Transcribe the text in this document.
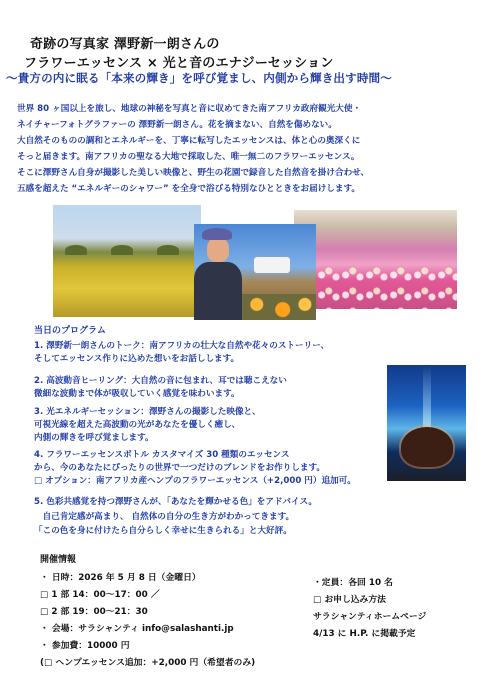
奇跡の写真家 澤野新一朗さんの
フラワーエッセンス × 光と音のエナジーセッション
〜貴方の内に眠る「本来の輝き」を呼び覚まし、内側から輝き出す時間〜
世界 80 ヶ国以上を旅し、地球の神秘を写真と音に収めてきた南アフリカ政府観光大使・
ネイチャーフォトグラファーの 澤野新一朗さん。花を摘まない、自然を傷めない。
大自然そのものの調和とエネルギーを、丁寧に転写したエッセンスは、体と心の奥深くに
そっと届きます。南アフリカの聖なる大地で採取した、唯一無二のフラワーエッセンス。
そこに澤野さん自身が撮影した美しい映像と、野生の花園で録音した自然音を掛け合わせ、
五感を超えた “エネルギーのシャワー” を全身で浴びる特別なひとときをお届けします。
当日のプログラム
1. 澤野新一朗さんのトーク：南アフリカの壮大な自然や花々のストーリー、
そしてエッセンス作りに込めた想いをお話しします。
2. 高波動音ヒーリング：大自然の音に包まれ、耳では聴こえない
微細な波動まで体が吸収していく感覚を味わいます。
3. 光エネルギーセッション：澤野さんの撮影した映像と、
可視光線を超えた高波動の光があなたを優しく癒し、
内側の輝きを呼び覚まします。
4. フラワーエッセンスボトル カスタマイズ 30 種類のエッセンス
から、今のあなたにぴったりの世界で一つだけのブレンドをお作りします。
□ オプション：南アフリカ産ヘンプのフラワーエッセンス（+2,000 円）追加可。
5. 色彩共感覚を持つ澤野さんが、「あなたを輝かせる色」をアドバイス。
　自己肯定感が高まり、 自然体の自分の生き方がわかってきます。
「この色を身に付けたら自分らしく幸せに生きられる」と大好評。
開催情報
・ 日時：2026 年 5 月 8 日（金曜日）
□ 1 部 14：00〜17：00 ／
□ 2 部 19：00〜21：30
・ 会場：サラシャンティ info@salashanti.jp
・ 参加費：10000 円
(□ ヘンプエッセンス追加：+2,000 円（希望者のみ)
・定員：各回 10 名
□ お申し込み方法
サラシャンティホームページ
4/13 に H.P. に掲載予定
